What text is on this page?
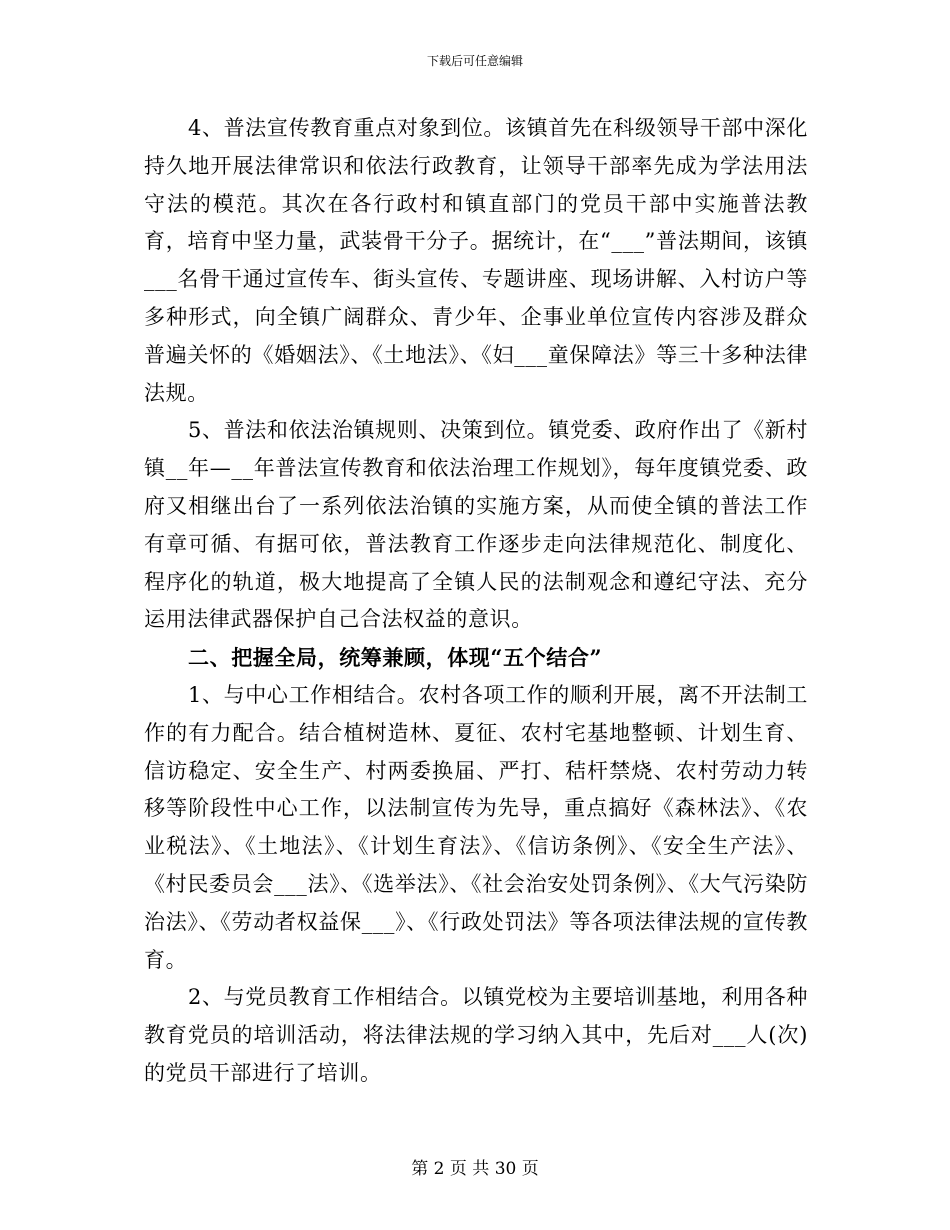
下载后可任意编辑

4、普法宣传教育重点对象到位。该镇首先在科级领导干部中深化持久地开展法律常识和依法行政教育，让领导干部率先成为学法用法守法的模范。其次在各行政村和镇直部门的党员干部中实施普法教育，培育中坚力量，武装骨干分子。据统计，在“___”普法期间，该镇___名骨干通过宣传车、街头宣传、专题讲座、现场讲解、入村访户等多种形式，向全镇广阔群众、青少年、企事业单位宣传内容涉及群众普遍关怀的《婚姻法》、《土地法》、《妇___童保障法》等三十多种法律法规。

5、普法和依法治镇规则、决策到位。镇党委、政府作出了《新村镇__年—__年普法宣传教育和依法治理工作规划》，每年度镇党委、政府又相继出台了一系列依法治镇的实施方案，从而使全镇的普法工作有章可循、有据可依，普法教育工作逐步走向法律规范化、制度化、程序化的轨道，极大地提高了全镇人民的法制观念和遵纪守法、充分运用法律武器保护自己合法权益的意识。

二、把握全局，统筹兼顾，体现“五个结合”

1、与中心工作相结合。农村各项工作的顺利开展，离不开法制工作的有力配合。结合植树造林、夏征、农村宅基地整顿、计划生育、信访稳定、安全生产、村两委换届、严打、秸杆禁烧、农村劳动力转移等阶段性中心工作，以法制宣传为先导，重点搞好《森林法》、《农业税法》、《土地法》、《计划生育法》、《信访条例》、《安全生产法》、《村民委员会___法》、《选举法》、《社会治安处罚条例》、《大气污染防治法》、《劳动者权益保___》、《行政处罚法》等各项法律法规的宣传教育。

2、与党员教育工作相结合。以镇党校为主要培训基地，利用各种教育党员的培训活动，将法律法规的学习纳入其中，先后对___人(次)的党员干部进行了培训。

第 2 页 共 30 页
